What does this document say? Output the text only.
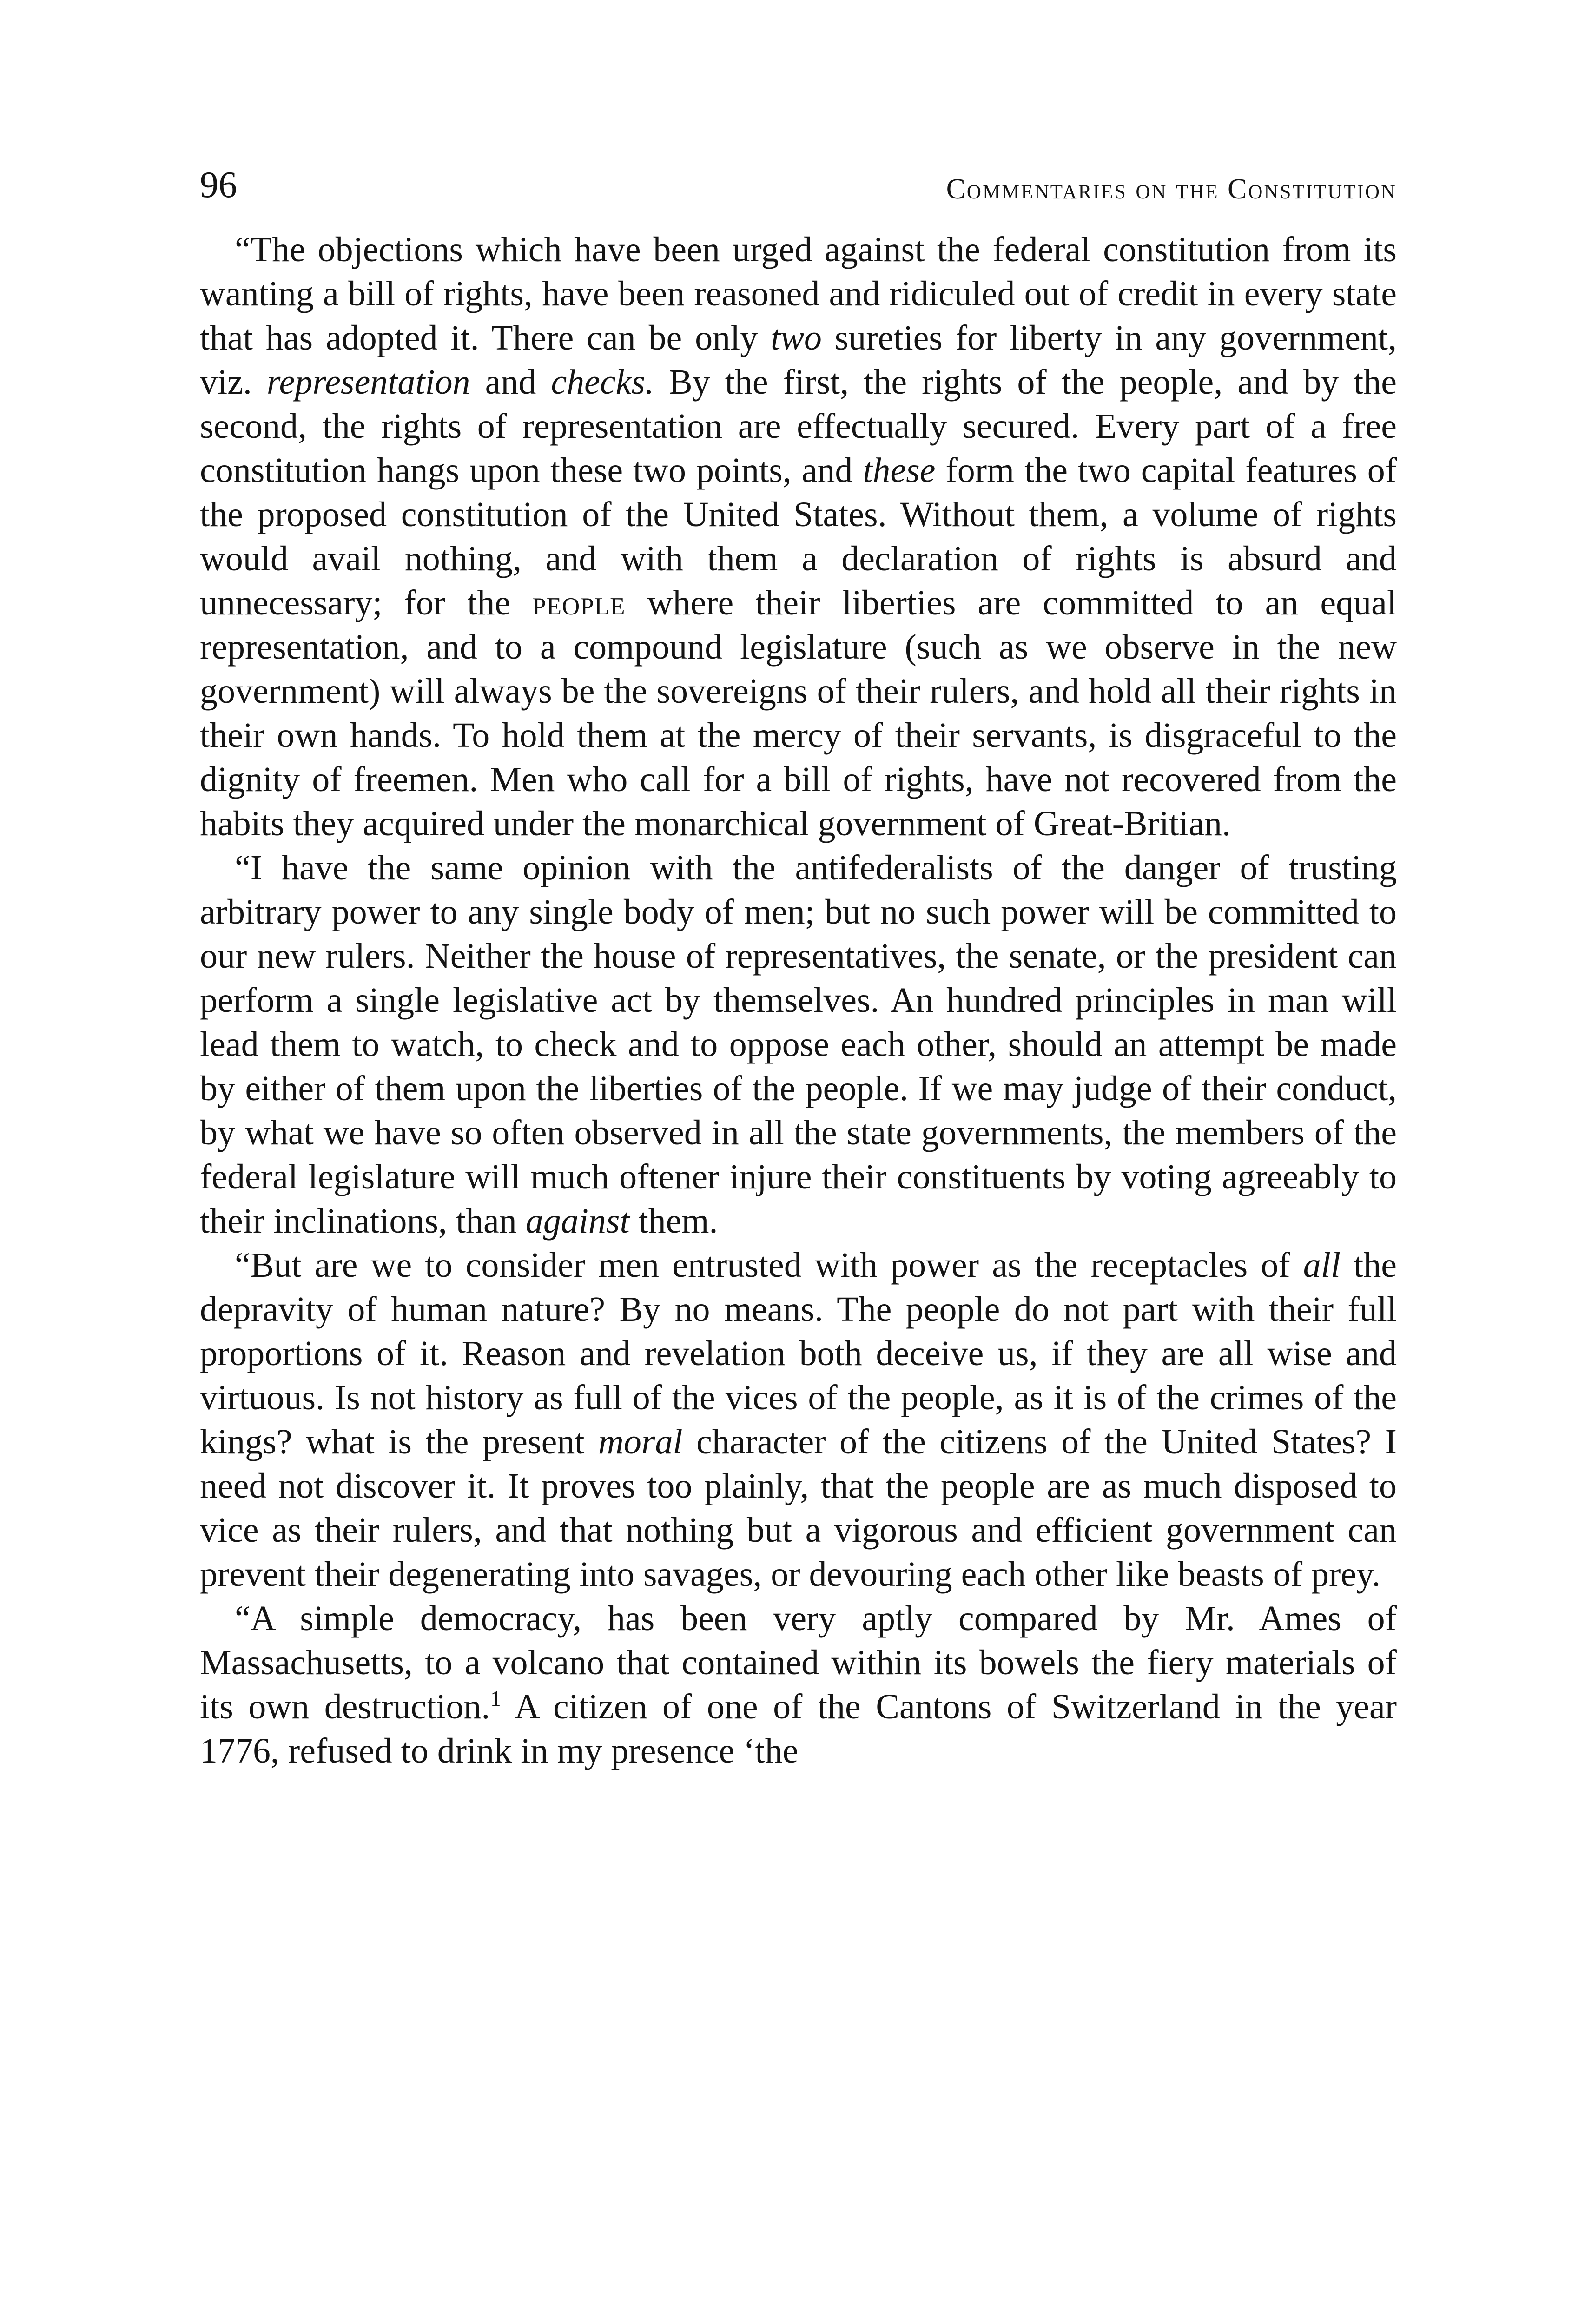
96	Commentaries on the Constitution

“The objections which have been urged against the federal constitution from its wanting a bill of rights, have been reasoned and ridiculed out of credit in every state that has adopted it. There can be only two sureties for liberty in any government, viz. representation and checks. By the first, the rights of the people, and by the second, the rights of representation are effectually secured. Every part of a free constitution hangs upon these two points, and these form the two capital features of the proposed constitution of the United States. Without them, a volume of rights would avail nothing, and with them a declaration of rights is absurd and unnecessary; for the people where their liberties are committed to an equal representation, and to a compound legislature (such as we observe in the new government) will always be the sovereigns of their rulers, and hold all their rights in their own hands. To hold them at the mercy of their servants, is disgraceful to the dignity of freemen. Men who call for a bill of rights, have not recovered from the habits they acquired under the monarchical government of Great-Britian.

“I have the same opinion with the antifederalists of the danger of trusting arbitrary power to any single body of men; but no such power will be committed to our new rulers. Neither the house of representatives, the senate, or the president can perform a single legislative act by themselves. An hundred principles in man will lead them to watch, to check and to oppose each other, should an attempt be made by either of them upon the liberties of the people. If we may judge of their conduct, by what we have so often observed in all the state governments, the members of the federal legislature will much oftener injure their constituents by voting agreeably to their inclinations, than against them.

“But are we to consider men entrusted with power as the receptacles of all the depravity of human nature? By no means. The people do not part with their full proportions of it. Reason and revelation both deceive us, if they are all wise and virtuous. Is not history as full of the vices of the people, as it is of the crimes of the kings? what is the present moral character of the citizens of the United States? I need not discover it. It proves too plainly, that the people are as much disposed to vice as their rulers, and that nothing but a vigorous and efficient government can prevent their degenerating into savages, or devouring each other like beasts of prey.

“A simple democracy, has been very aptly compared by Mr. Ames of Massachusetts, to a volcano that contained within its bowels the fiery materials of its own destruction.$^1$ A citizen of one of the Cantons of Switzerland in the year 1776, refused to drink in my presence ‘the
